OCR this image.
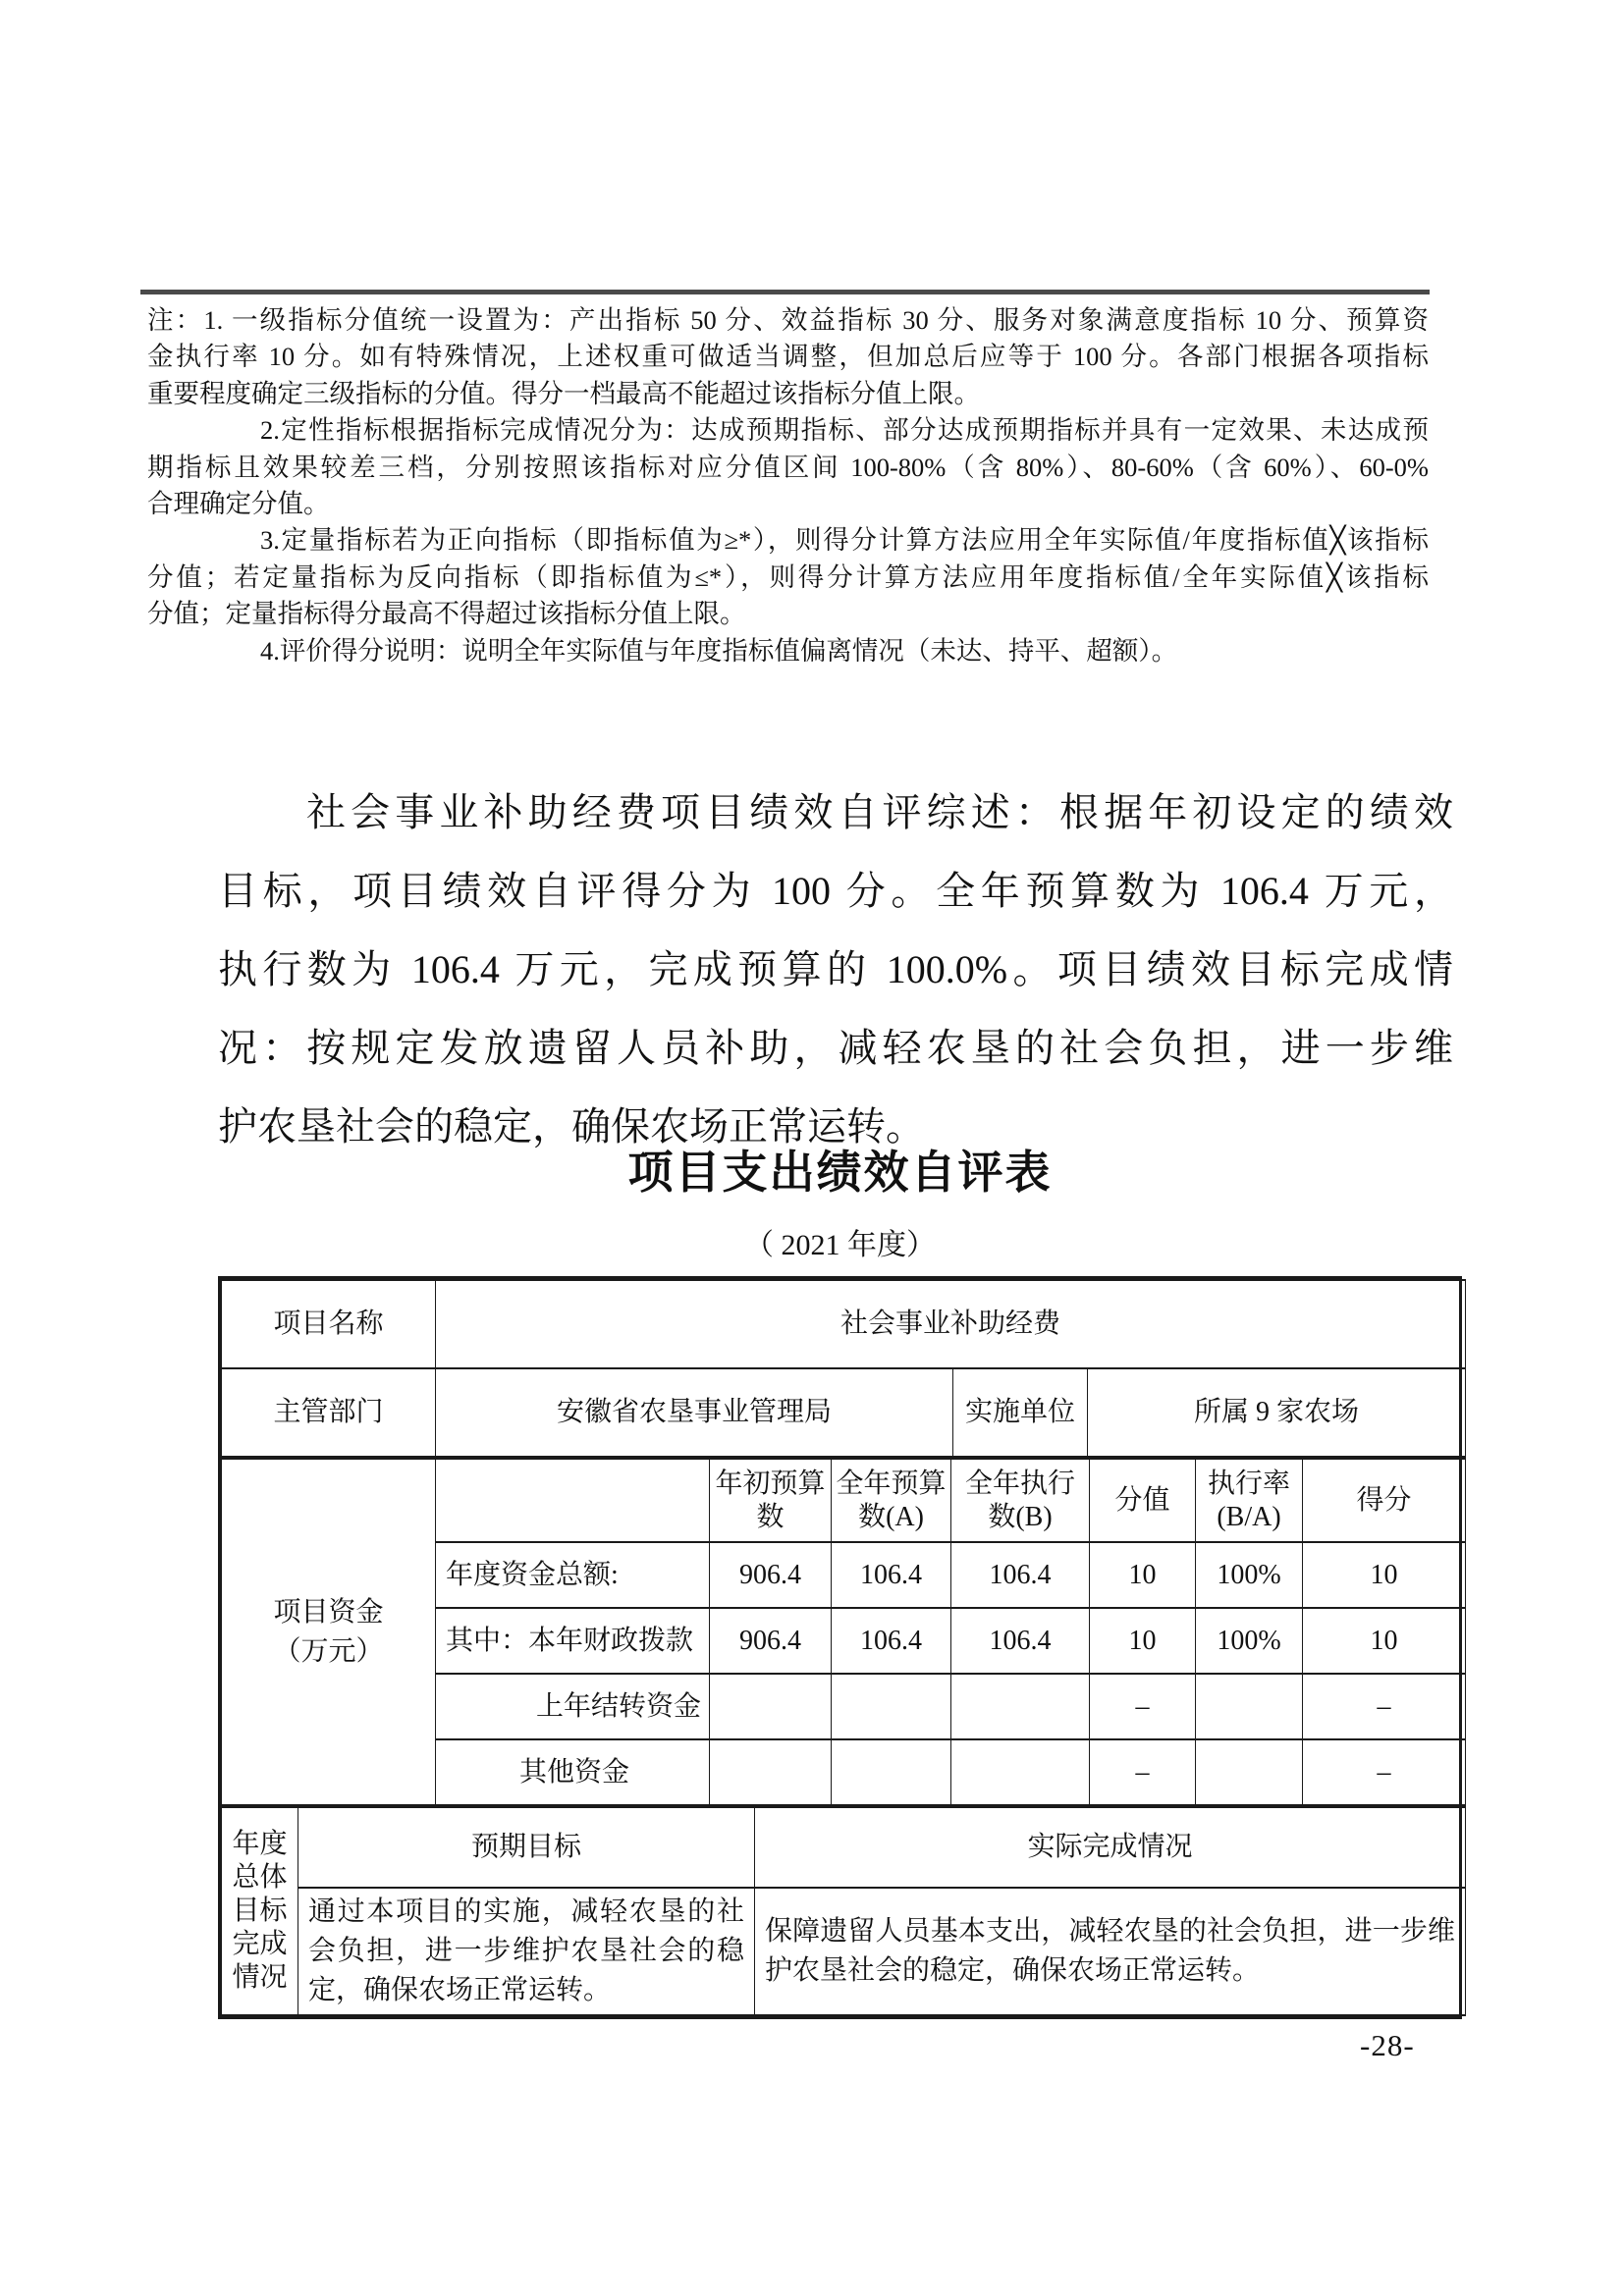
注：1. 一级指标分值统一设置为：产出指标 50 分、效益指标 30 分、服务对象满意度指标 10 分、预算资
金执行率 10 分。如有特殊情况，上述权重可做适当调整，但加总后应等于 100 分。各部门根据各项指标
重要程度确定三级指标的分值。得分一档最高不能超过该指标分值上限。
2.定性指标根据指标完成情况分为：达成预期指标、部分达成预期指标并具有一定效果、未达成预
期指标且效果较差三档，分别按照该指标对应分值区间 100-80%（含 80%）、80-60%（含 60%）、60-0%
合理确定分值。
3.定量指标若为正向指标（即指标值为≥*），则得分计算方法应用全年实际值/年度指标值╳该指标
分值；若定量指标为反向指标（即指标值为≤*），则得分计算方法应用年度指标值/全年实际值╳该指标
分值；定量指标得分最高不得超过该指标分值上限。
4.评价得分说明：说明全年实际值与年度指标值偏离情况（未达、持平、超额）。
社会事业补助经费项目绩效自评综述：根据年初设定的绩效
目标，项目绩效自评得分为 100 分。全年预算数为 106.4 万元，
执行数为 106.4 万元，完成预算的 100.0%。项目绩效目标完成情
况：按规定发放遗留人员补助，减轻农垦的社会负担，进一步维
护农垦社会的稳定，确保农场正常运转。
项目支出绩效自评表
（ 2021 年度）
项目名称	社会事业补助经费		
主管部门	安徽省农垦事业管理局	实施单位	所属 9 家农场
项目资金
（万元）		年初预算数	全年预算数(A)	全年执行数(B)	分值	执行率(B/A)	得分
	年度资金总额:	906.4	106.4	106.4	10	100%	10
	其中：本年财政拨款	906.4	106.4	106.4	10	100%	10
	上年结转资金				–		–
	其他资金				–		–
年度总体目标完成情况	预期目标	实际完成情况
	通过本项目的实施，减轻农垦的社会负担，进一步维护农垦社会的稳定，确保农场正常运转。	保障遗留人员基本支出，减轻农垦的社会负担，进一步维护农垦社会的稳定，确保农场正常运转。
-28-
